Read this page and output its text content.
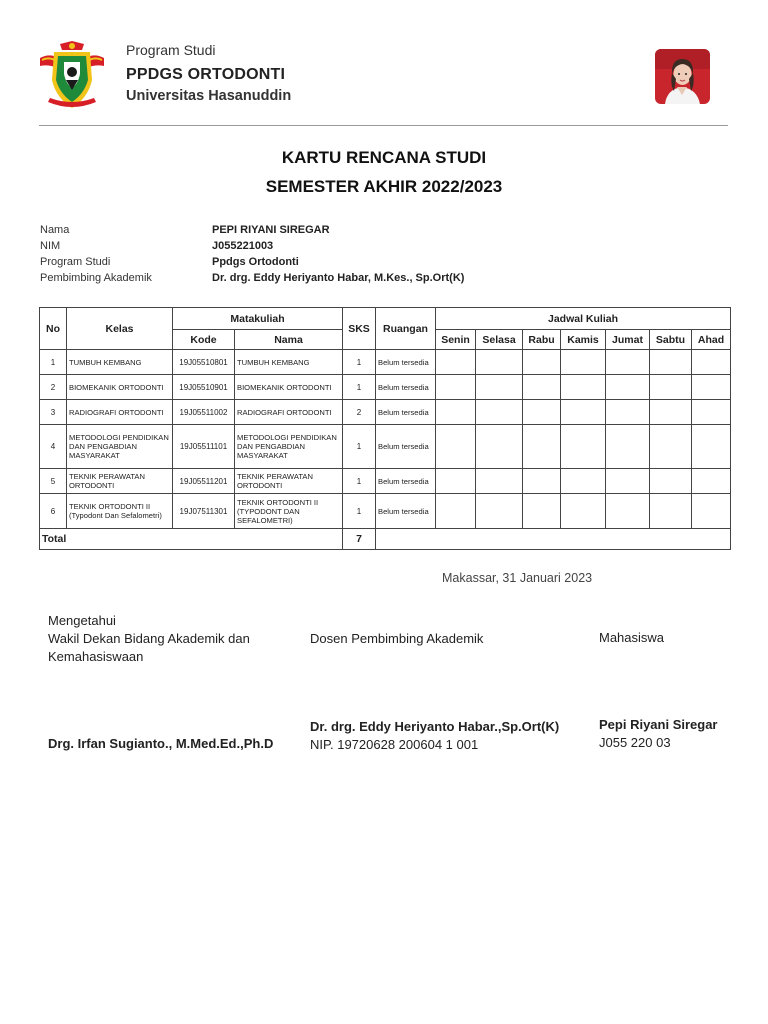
Program Studi
PPDGS ORTODONTI
Universitas Hasanuddin
KARTU RENCANA STUDI
SEMESTER AKHIR 2022/2023
Nama	PEPI RIYANI SIREGAR
NIM	J055221003
Program Studi	Ppdgs Ortodonti
Pembimbing Akademik	Dr. drg. Eddy Heriyanto Habar, M.Kes., Sp.Ort(K)
No	Kelas	Matakuliah		SKS	Ruangan	Jadwal Kuliah						
		Kode	Nama			Senin	Selasa	Rabu	Kamis	Jumat	Sabtu	Ahad
1	TUMBUH KEMBANG	19J05510801	TUMBUH KEMBANG	1	Belum tersedia							
2	BIOMEKANIK ORTODONTI	19J05510901	BIOMEKANIK ORTODONTI	1	Belum tersedia							
3	RADIOGRAFI ORTODONTI	19J05511002	RADIOGRAFI ORTODONTI	2	Belum tersedia							
4	METODOLOGI PENDIDIKAN DAN PENGABDIAN MASYARAKAT	19J05511101	METODOLOGI PENDIDIKAN DAN PENGABDIAN MASYARAKAT	1	Belum tersedia							
5	TEKNIK PERAWATAN ORTODONTI	19J05511201	TEKNIK PERAWATAN ORTODONTI	1	Belum tersedia							
6	TEKNIK ORTODONTI II (Typodont Dan Sefalometri)	19J07511301	TEKNIK ORTODONTI II (TYPODONT DAN SEFALOMETRI)	1	Belum tersedia							
Total				7								
Makassar, 31 Januari 2023
Mengetahui
Wakil Dekan Bidang Akademik dan
Kemahasiswaan
Drg. Irfan Sugianto., M.Med.Ed.,Ph.D
Dosen Pembimbing Akademik
Dr. drg. Eddy Heriyanto Habar.,Sp.Ort(K)
NIP. 19720628 200604 1 001
Mahasiswa
Pepi Riyani Siregar
J055 220 03
